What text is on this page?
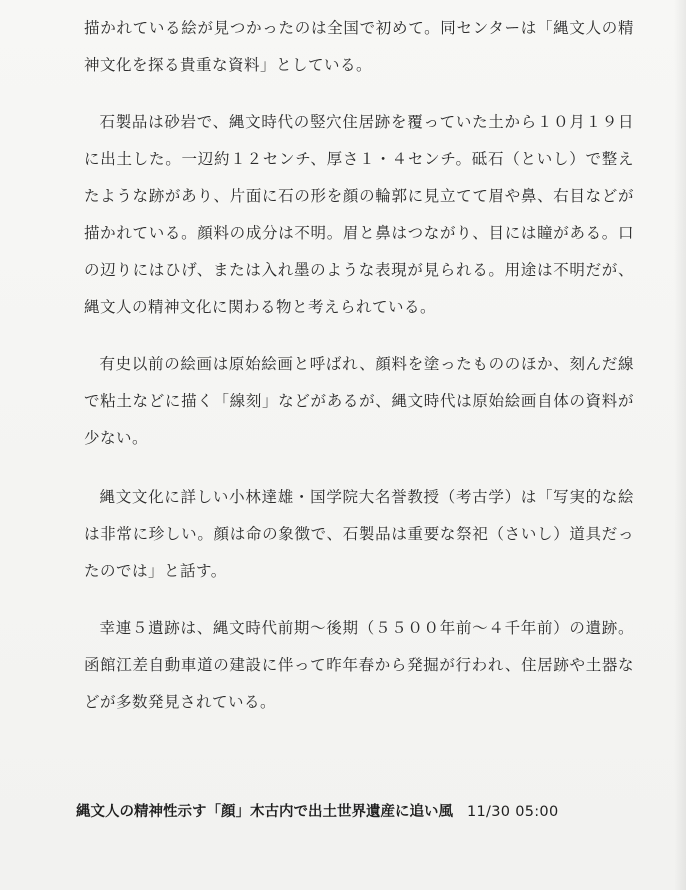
描かれている絵が見つかったのは全国で初めて。同センターは「縄文人の精神文化を探る貴重な資料」としている。

石製品は砂岩で、縄文時代の竪穴住居跡を覆っていた土から１０月１９日に出土した。一辺約１２センチ、厚さ１・４センチ。砥石（といし）で整えたような跡があり、片面に石の形を顔の輪郭に見立てて眉や鼻、右目などが描かれている。顔料の成分は不明。眉と鼻はつながり、目には瞳がある。口の辺りにはひげ、または入れ墨のような表現が見られる。用途は不明だが、縄文人の精神文化に関わる物と考えられている。

有史以前の絵画は原始絵画と呼ばれ、顔料を塗ったもののほか、刻んだ線で粘土などに描く「線刻」などがあるが、縄文時代は原始絵画自体の資料が少ない。

縄文文化に詳しい小林達雄・国学院大名誉教授（考古学）は「写実的な絵は非常に珍しい。顔は命の象徴で、石製品は重要な祭祀（さいし）道具だったのでは」と話す。

幸連５遺跡は、縄文時代前期〜後期（５５００年前〜４千年前）の遺跡。函館江差自動車道の建設に伴って昨年春から発掘が行われ、住居跡や土器などが多数発見されている。

縄文人の精神性示す「顔」木古内で出土世界遺産に追い風 11/30 05:00
